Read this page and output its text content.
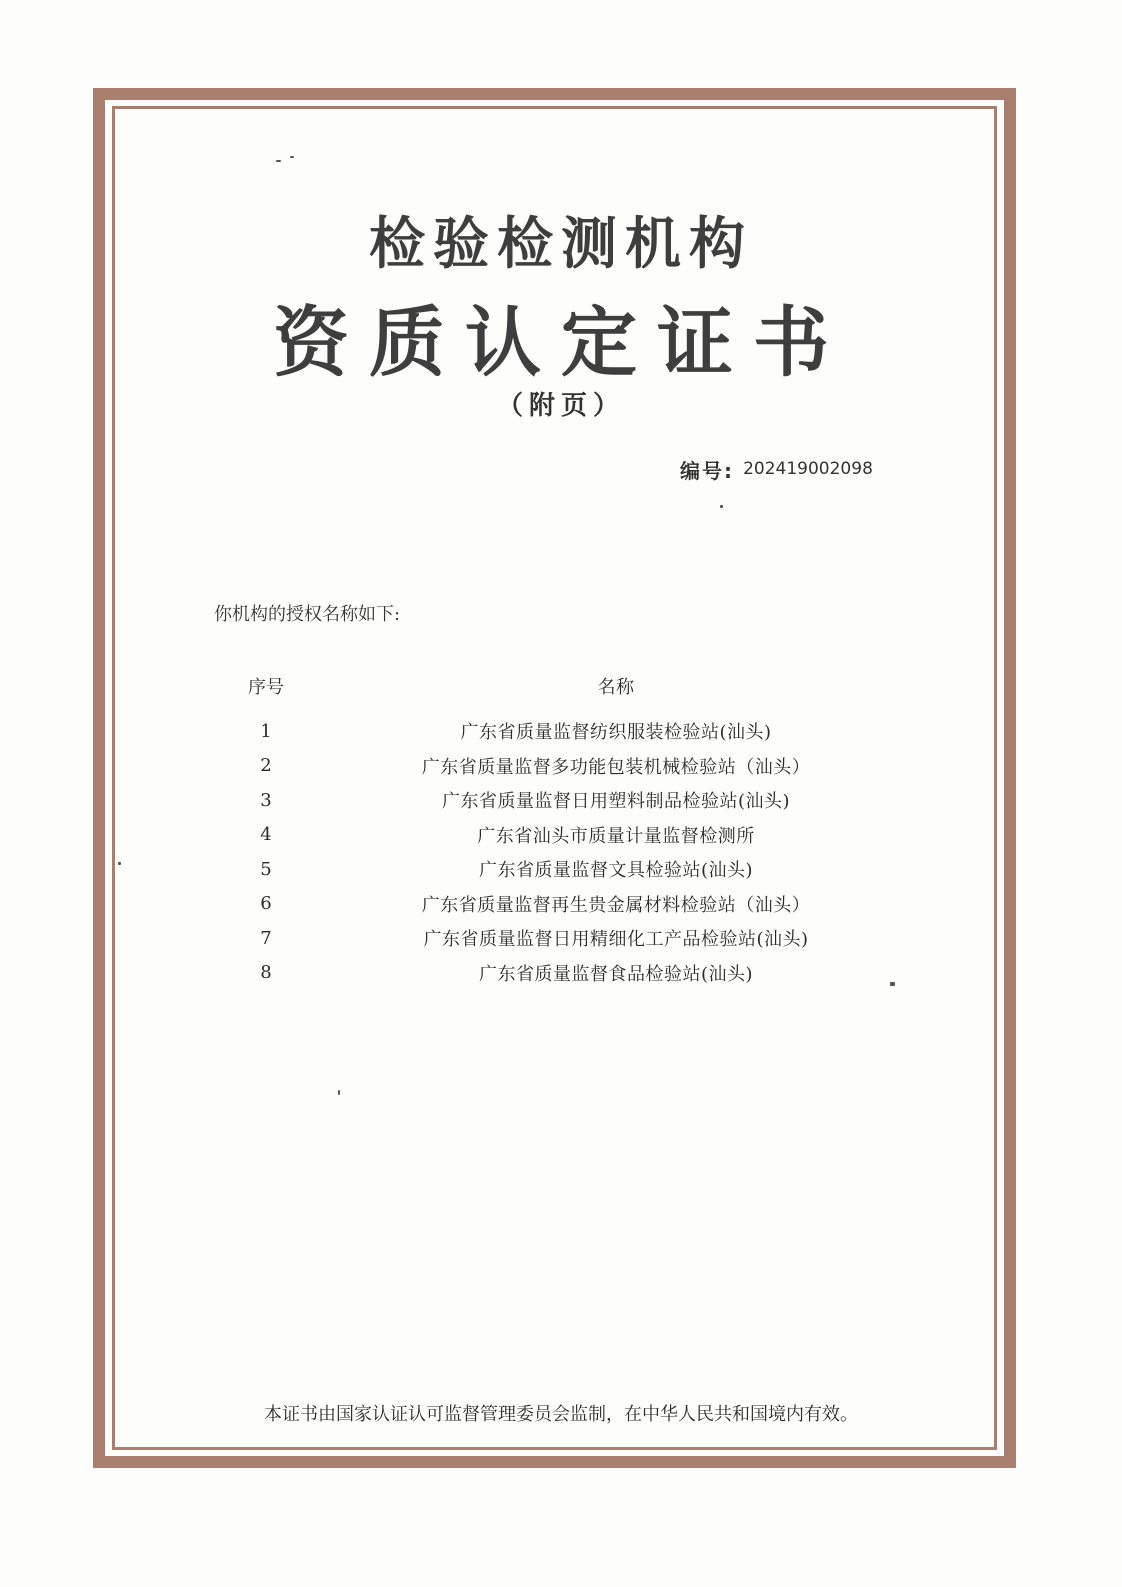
检验检测机构
资质认定证书
（附页）
编号: 202419002098
你机构的授权名称如下:
序号	名称
1	广东省质量监督纺织服装检验站(汕头)
2	广东省质量监督多功能包装机械检验站（汕头）
3	广东省质量监督日用塑料制品检验站(汕头)
4	广东省汕头市质量计量监督检测所
5	广东省质量监督文具检验站(汕头)
6	广东省质量监督再生贵金属材料检验站（汕头）
7	广东省质量监督日用精细化工产品检验站(汕头)
8	广东省质量监督食品检验站(汕头)
本证书由国家认证认可监督管理委员会监制，在中华人民共和国境内有效。
